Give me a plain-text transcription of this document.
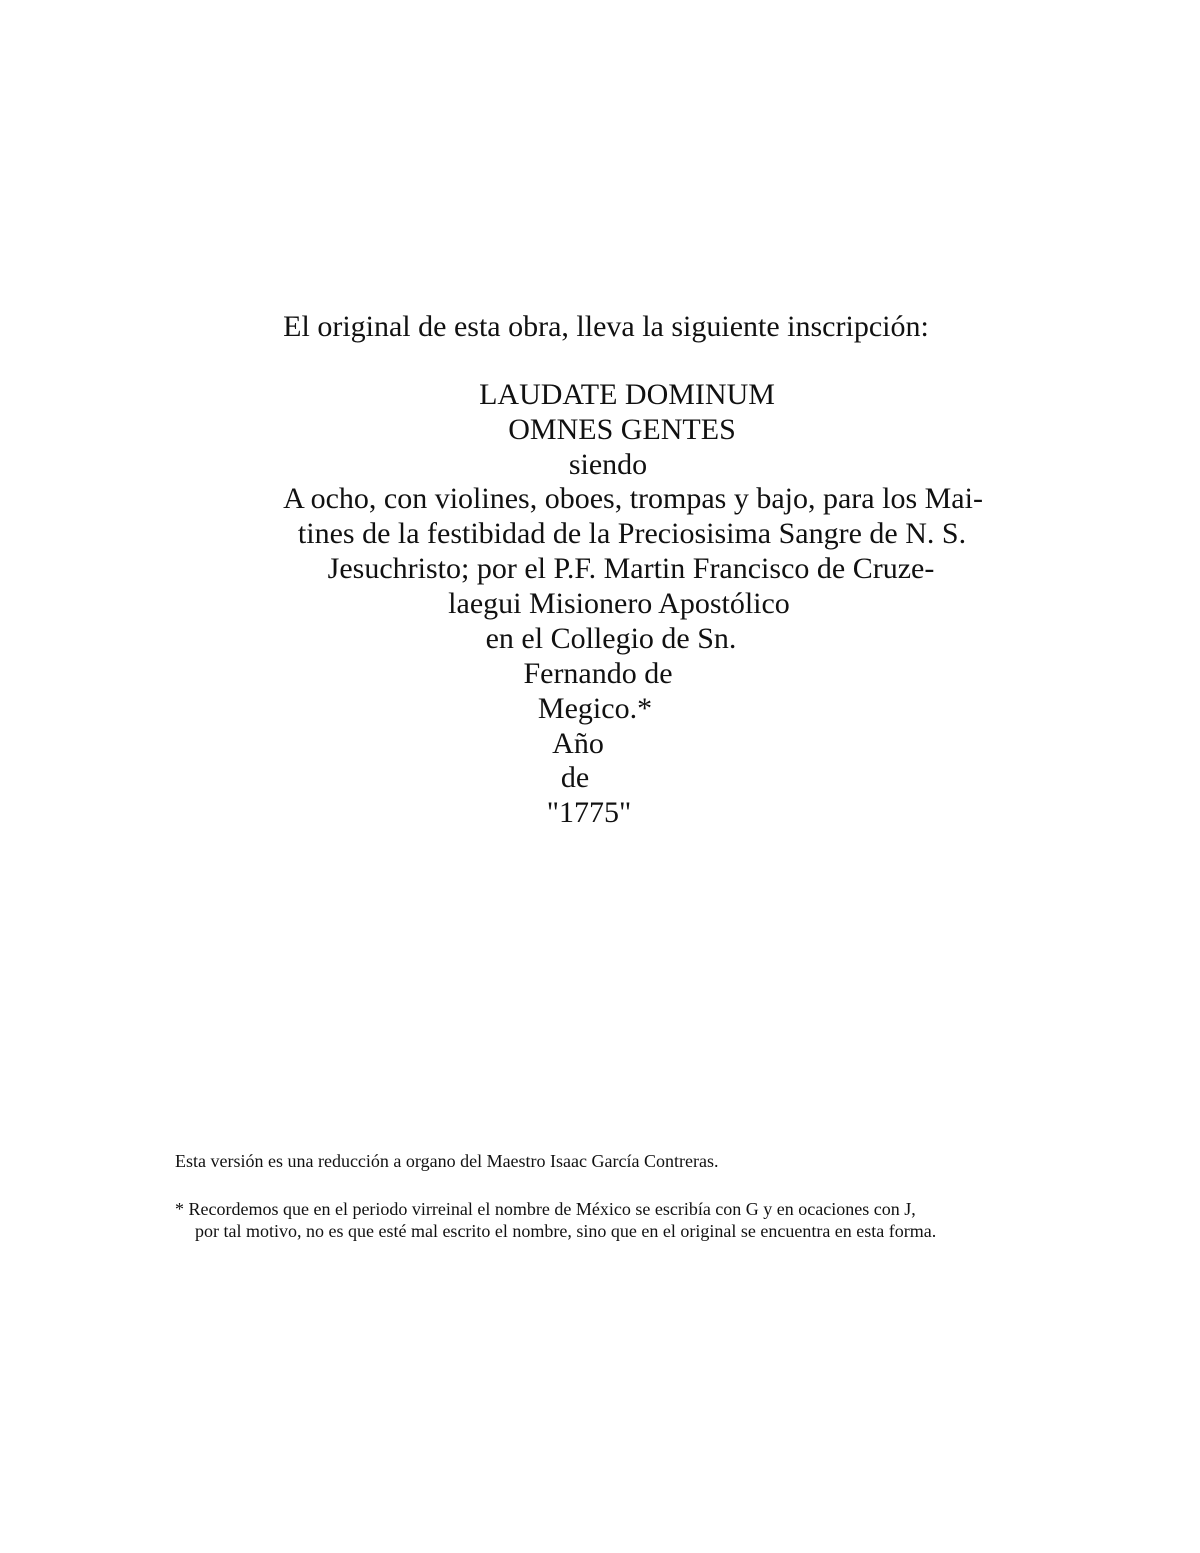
El original de esta obra, lleva la siguiente inscripción:

LAUDATE DOMINUM
OMNES GENTES
siendo
A ocho, con violines, oboes, trompas y bajo, para los Mai-
tines de la festibidad de la Preciosisima Sangre de N. S.
Jesuchristo; por el P.F. Martin Francisco de Cruze-
laegui Misionero Apostólico
en el Collegio de Sn.
Fernando de
Megico.*
Año
de
"1775"

Esta versión es una reducción a organo del Maestro Isaac García Contreras.

* Recordemos que en el periodo virreinal el nombre de México se escribía con G y en ocaciones con J,
por tal motivo, no es que esté mal escrito el nombre, sino que en el original se encuentra en esta forma.
